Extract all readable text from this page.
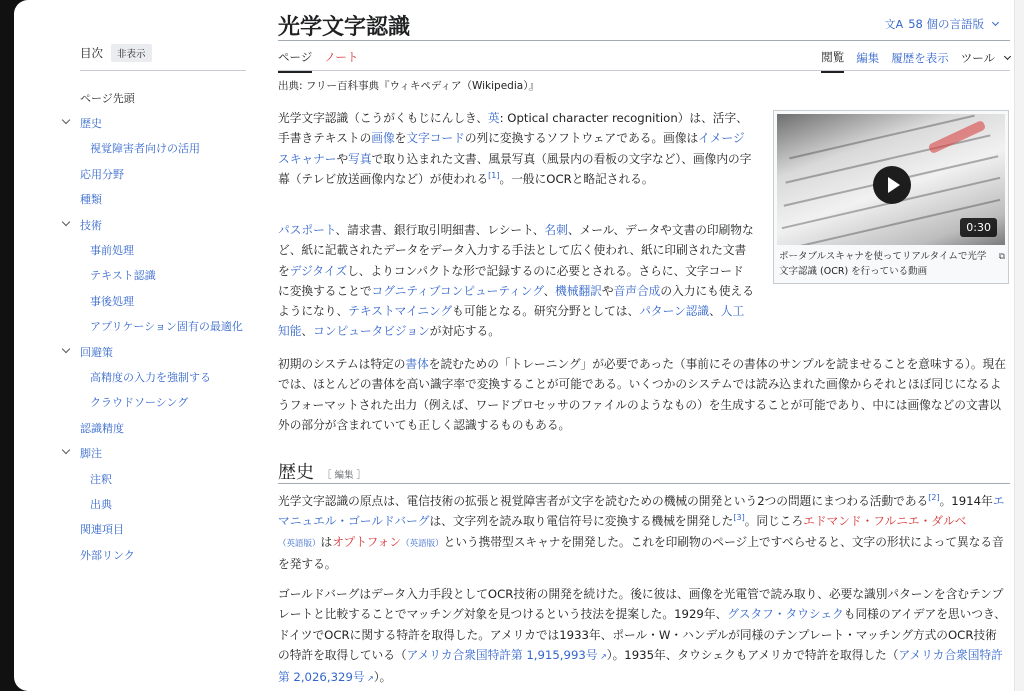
目次	非表示
ページ先頭
歴史
視覚障害者向けの活用
応用分野
種類
技術
事前処理
テキスト認識
事後処理
アプリケーション固有の最適化
回避策
高精度の入力を強制する
クラウドソーシング
認識精度
脚注
注釈
出典
関連項目
外部リンク
光学文字認識	文A 58 個の言語版
ページ ノート	閲覧 編集 履歴を表示 ツール
出典: フリー百科事典『ウィキペディア（Wikipedia）』

光学文字認識（こうがくもじにんしき、英: Optical character recognition）は、活字、手書きテキストの画像を文字コードの列に変換するソフトウェアである。画像はイメージスキャナーや写真で取り込まれた文書、風景写真（風景内の看板の文字など）、画像内の字幕（テレビ放送画像内など）が使われる[1]。一般にOCRと略記される。

0:30
ポータブルスキャナを使ってリアルタイムで光学文字認識 (OCR) を行っている動画
⧉

パスポート、請求書、銀行取引明細書、レシート、名刺、メール、データや文書の印刷物など、紙に記載されたデータをデータ入力する手法として広く使われ、紙に印刷された文書をデジタイズし、よりコンパクトな形で記録するのに必要とされる。さらに、文字コードに変換することでコグニティブコンピューティング、機械翻訳や音声合成の入力にも使えるようになり、テキストマイニングも可能となる。研究分野としては、パターン認識、人工知能、コンピュータビジョンが対応する。

初期のシステムは特定の書体を読むための「トレーニング」が必要であった（事前にその書体のサンプルを読ませることを意味する）。現在では、ほとんどの書体を高い識字率で変換することが可能である。いくつかのシステムでは読み込まれた画像からそれとほぼ同じになるようフォーマットされた出力（例えば、ワードプロセッサのファイルのようなもの）を生成することが可能であり、中には画像などの文書以外の部分が含まれていても正しく認識するものもある。

歴史 ［ 編集 ］

光学文字認識の原点は、電信技術の拡張と視覚障害者が文字を読むための機械の開発という2つの問題にまつわる活動である[2]。1914年エマニュエル・ゴールドバーグは、文字列を読み取り電信符号に変換する機械を開発した[3]。同じころエドマンド・フルニエ・ダルベ（英語版）はオプトフォン（英語版）という携帯型スキャナを開発した。これを印刷物のページ上ですべらせると、文字の形状によって異なる音を発する。

ゴールドバーグはデータ入力手段としてOCR技術の開発を続けた。後に彼は、画像を光電管で読み取り、必要な識別パターンを含むテンプレートと比較することでマッチング対象を見つけるという技法を提案した。1929年、グスタフ・タウシェクも同様のアイデアを思いつき、ドイツでOCRに関する特許を取得した。アメリカでは1933年、ポール・W・ハンデルが同様のテンプレート・マッチング方式のOCR技術の特許を取得している（アメリカ合衆国特許第 1,915,993号 ↗ ）。1935年、タウシェクもアメリカで特許を取得した（アメリカ合衆国特許第 2,026,329号 ↗ ）。
